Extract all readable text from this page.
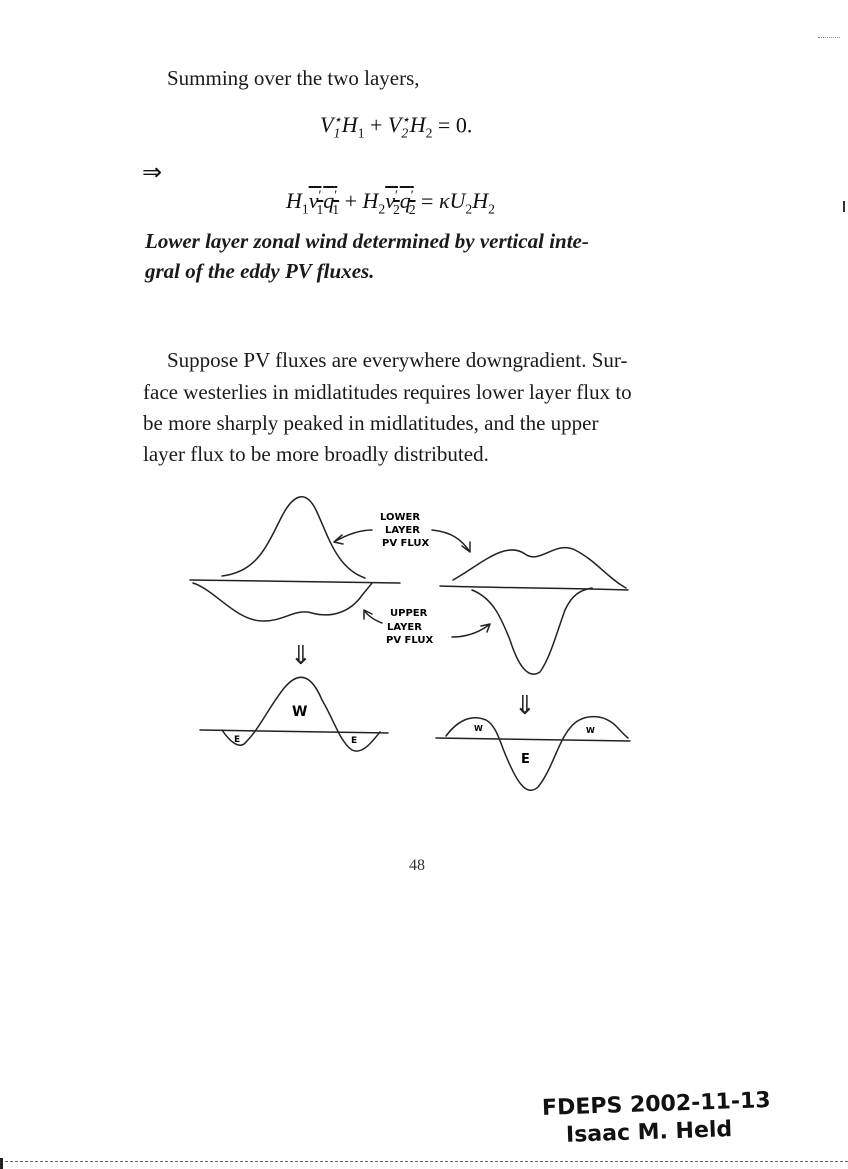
Summing over the two layers,
$V_1^⋆H_1 + V_2^⋆H_2 = 0$.
⇒
$H_1v'_1q'_1 + H_2v'_2q'_2 = \kappa U_2H_2$
Lower layer zonal wind determined by vertical inte-
gral of the eddy PV fluxes.
Suppose PV fluxes are everywhere downgradient. Sur-
face westerlies in midlatitudes requires lower layer flux to
be more sharply peaked in midlatitudes, and the upper
layer flux to be more broadly distributed.
LOWER
LAYER
PV FLUX
UPPER
LAYER
PV FLUX
⇓
⇓
W
E	E
W	W
E
48
FDEPS 2002-11-13
Isaac M. Held
